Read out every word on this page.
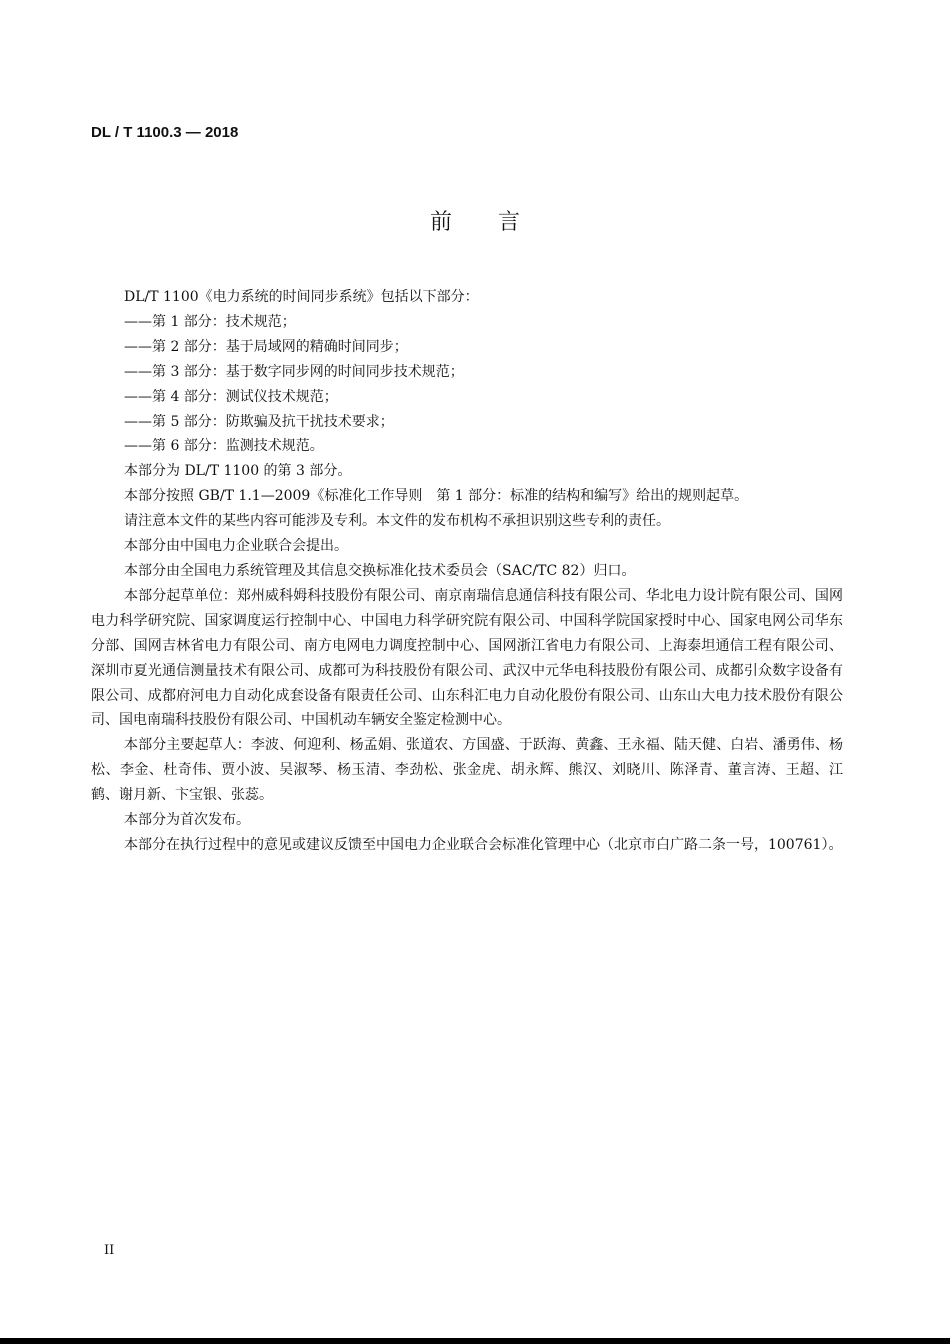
DL / T 1100.3 — 2018
前言

DL/T 1100《电力系统的时间同步系统》包括以下部分：

——第 1 部分：技术规范；

——第 2 部分：基于局域网的精确时间同步；

——第 3 部分：基于数字同步网的时间同步技术规范；

——第 4 部分：测试仪技术规范；

——第 5 部分：防欺骗及抗干扰技术要求；

——第 6 部分：监测技术规范。

本部分为 DL/T 1100 的第 3 部分。

本部分按照 GB/T 1.1—2009《标准化工作导则　第 1 部分：标准的结构和编写》给出的规则起草。

请注意本文件的某些内容可能涉及专利。本文件的发布机构不承担识别这些专利的责任。

本部分由中国电力企业联合会提出。

本部分由全国电力系统管理及其信息交换标准化技术委员会（SAC/TC 82）归口。

本部分起草单位：郑州威科姆科技股份有限公司、南京南瑞信息通信科技有限公司、华北电力设计院有限公司、国网电力科学研究院、国家调度运行控制中心、中国电力科学研究院有限公司、中国科学院国家授时中心、国家电网公司华东分部、国网吉林省电力有限公司、南方电网电力调度控制中心、国网浙江省电力有限公司、上海泰坦通信工程有限公司、深圳市夏光通信测量技术有限公司、成都可为科技股份有限公司、武汉中元华电科技股份有限公司、成都引众数字设备有限公司、成都府河电力自动化成套设备有限责任公司、山东科汇电力自动化股份有限公司、山东山大电力技术股份有限公司、国电南瑞科技股份有限公司、中国机动车辆安全鉴定检测中心。

本部分主要起草人：李波、何迎利、杨孟娟、张道农、方国盛、于跃海、黄鑫、王永福、陆天健、白岩、潘勇伟、杨松、李金、杜奇伟、贾小波、吴淑琴、杨玉清、李劲松、张金虎、胡永辉、熊汉、刘晓川、陈泽青、董言涛、王超、江鹤、谢月新、卞宝银、张蕊。

本部分为首次发布。

本部分在执行过程中的意见或建议反馈至中国电力企业联合会标准化管理中心（北京市白广路二条一号，100761）。

II
